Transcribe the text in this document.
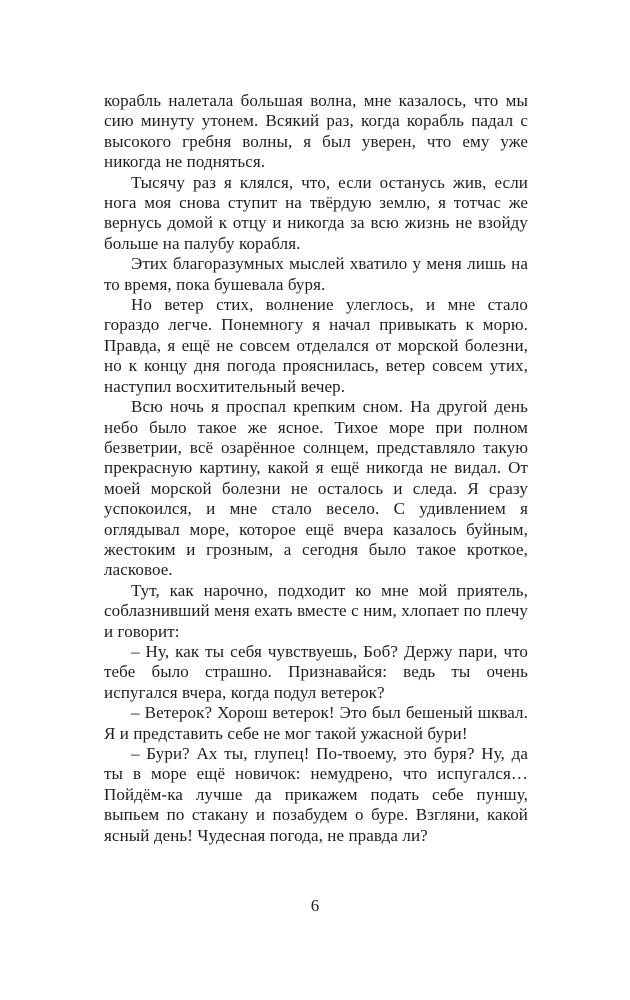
корабль налетала большая волна, мне казалось, что мы сию минуту утонем. Всякий раз, когда корабль падал с высокого гребня волны, я был уверен, что ему уже никогда не подняться.

Тысячу раз я клялся, что, если останусь жив, если нога моя снова ступит на твёрдую землю, я тотчас же вернусь домой к отцу и никогда за всю жизнь не взойду больше на палубу корабля.

Этих благоразумных мыслей хватило у меня лишь на то время, пока бушевала буря.

Но ветер стих, волнение улеглось, и мне стало гораздо легче. Понемногу я начал привыкать к морю. Правда, я ещё не совсем отделался от морской болезни, но к концу дня погода прояснилась, ветер совсем утих, наступил восхитительный вечер.

Всю ночь я проспал крепким сном. На другой день небо было такое же ясное. Тихое море при полном безветрии, всё озарённое солнцем, представляло такую прекрасную картину, какой я ещё никогда не видал. От моей морской болезни не осталось и следа. Я сразу успокоился, и мне стало весело. С удивлением я оглядывал море, которое ещё вчера казалось буйным, жестоким и грозным, а сегодня было такое кроткое, ласковое.

Тут, как нарочно, подходит ко мне мой приятель, соблазнивший меня ехать вместе с ним, хлопает по плечу и говорит:

– Ну, как ты себя чувствуешь, Боб? Держу пари, что тебе было страшно. Признавайся: ведь ты очень испугался вчера, когда подул ветерок?

– Ветерок? Хорош ветерок! Это был бешеный шквал. Я и представить себе не мог такой ужасной бури!

– Бури? Ах ты, глупец! По-твоему, это буря? Ну, да ты в море ещё новичок: немудрено, что испугался… Пойдём-ка лучше да прикажем подать себе пуншу, выпьем по стакану и позабудем о буре. Взгляни, какой ясный день! Чудесная погода, не правда ли?

6
